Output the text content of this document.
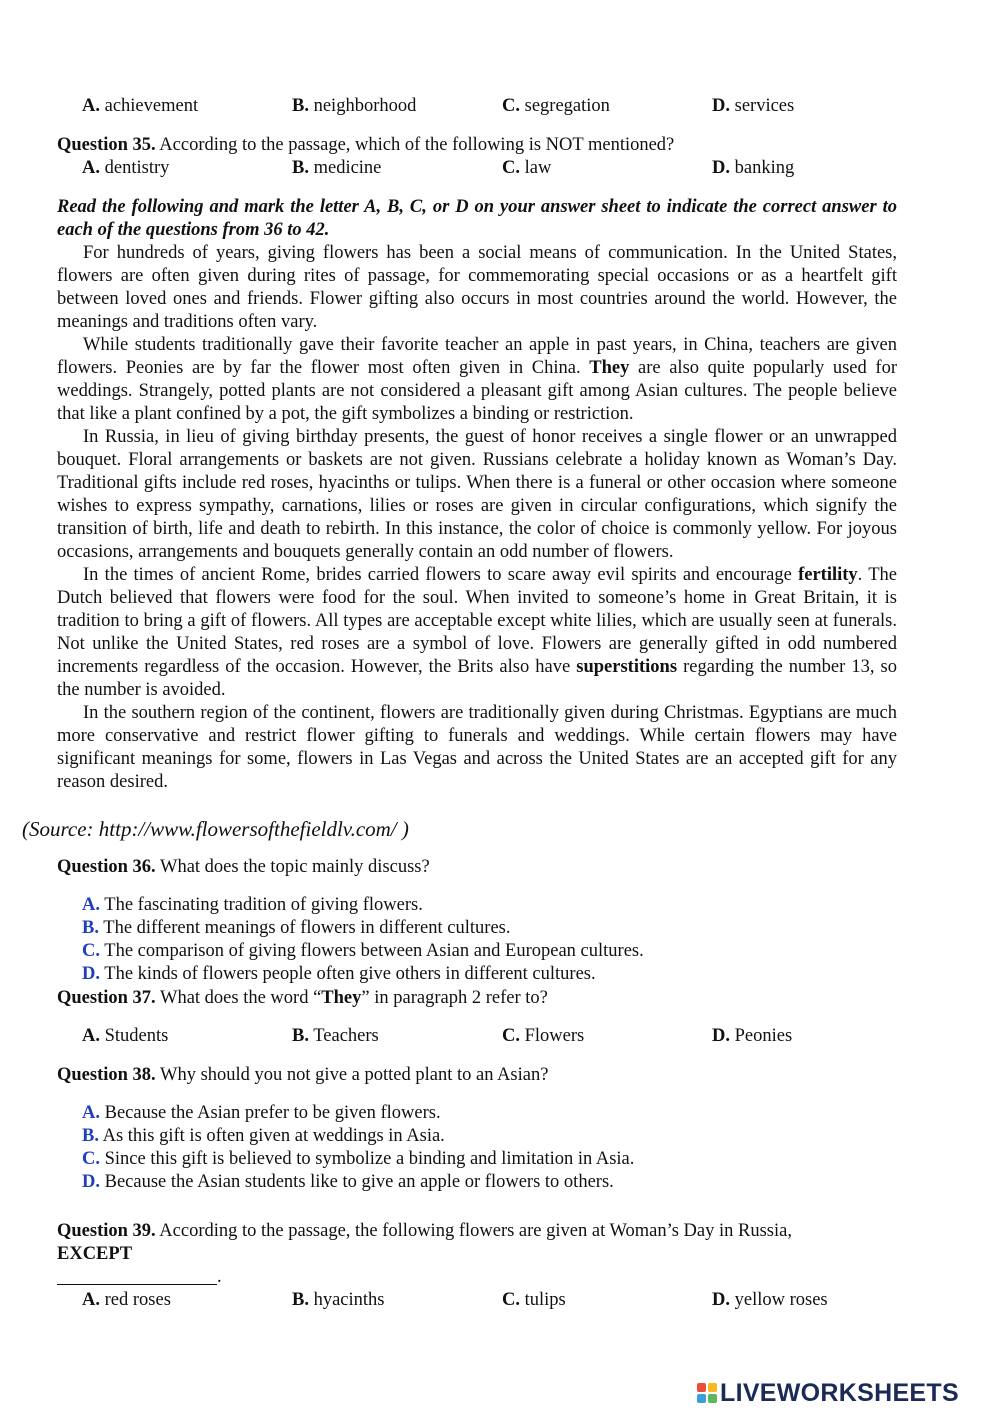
A. achievement	B. neighborhood	C. segregation	D. services
Question 35. According to the passage, which of the following is NOT mentioned?
A. dentistry	B. medicine	C. law	D. banking
Read the following and mark the letter A, B, C, or D on your answer sheet to indicate the correct answer to each of the questions from 36 to 42.

For hundreds of years, giving flowers has been a social means of communication. In the United States, flowers are often given during rites of passage, for commemorating special occasions or as a heartfelt gift between loved ones and friends. Flower gifting also occurs in most countries around the world. However, the meanings and traditions often vary.

While students traditionally gave their favorite teacher an apple in past years, in China, teachers are given flowers. Peonies are by far the flower most often given in China. They are also quite popularly used for weddings. Strangely, potted plants are not considered a pleasant gift among Asian cultures. The people believe that like a plant confined by a pot, the gift symbolizes a binding or restriction.

In Russia, in lieu of giving birthday presents, the guest of honor receives a single flower or an unwrapped bouquet. Floral arrangements or baskets are not given. Russians celebrate a holiday known as Woman’s Day. Traditional gifts include red roses, hyacinths or tulips. When there is a funeral or other occasion where someone wishes to express sympathy, carnations, lilies or roses are given in circular configurations, which signify the transition of birth, life and death to rebirth. In this instance, the color of choice is commonly yellow. For joyous occasions, arrangements and bouquets generally contain an odd number of flowers.

In the times of ancient Rome, brides carried flowers to scare away evil spirits and encourage fertility. The Dutch believed that flowers were food for the soul. When invited to someone’s home in Great Britain, it is tradition to bring a gift of flowers. All types are acceptable except white lilies, which are usually seen at funerals. Not unlike the United States, red roses are a symbol of love. Flowers are generally gifted in odd numbered increments regardless of the occasion. However, the Brits also have superstitions regarding the number 13, so the number is avoided.

In the southern region of the continent, flowers are traditionally given during Christmas. Egyptians are much more conservative and restrict flower gifting to funerals and weddings. While certain flowers may have significant meanings for some, flowers in Las Vegas and across the United States are an accepted gift for any reason desired.

(Source: http://www.flowersofthefieldlv.com/ )
Question 36. What does the topic mainly discuss?
A. The fascinating tradition of giving flowers.
B. The different meanings of flowers in different cultures.
C. The comparison of giving flowers between Asian and European cultures.
D. The kinds of flowers people often give others in different cultures.
Question 37. What does the word “They” in paragraph 2 refer to?
A. Students	B. Teachers	C. Flowers	D. Peonies
Question 38. Why should you not give a potted plant to an Asian?
A. Because the Asian prefer to be given flowers.
B. As this gift is often given at weddings in Asia.
C. Since this gift is believed to symbolize a binding and limitation in Asia.
D. Because the Asian students like to give an apple or flowers to others.
Question 39. According to the passage, the following flowers are given at Woman’s Day in Russia,
EXCEPT
.
A. red roses	B. hyacinths	C. tulips	D. yellow roses
LIVEWORKSHEETS
